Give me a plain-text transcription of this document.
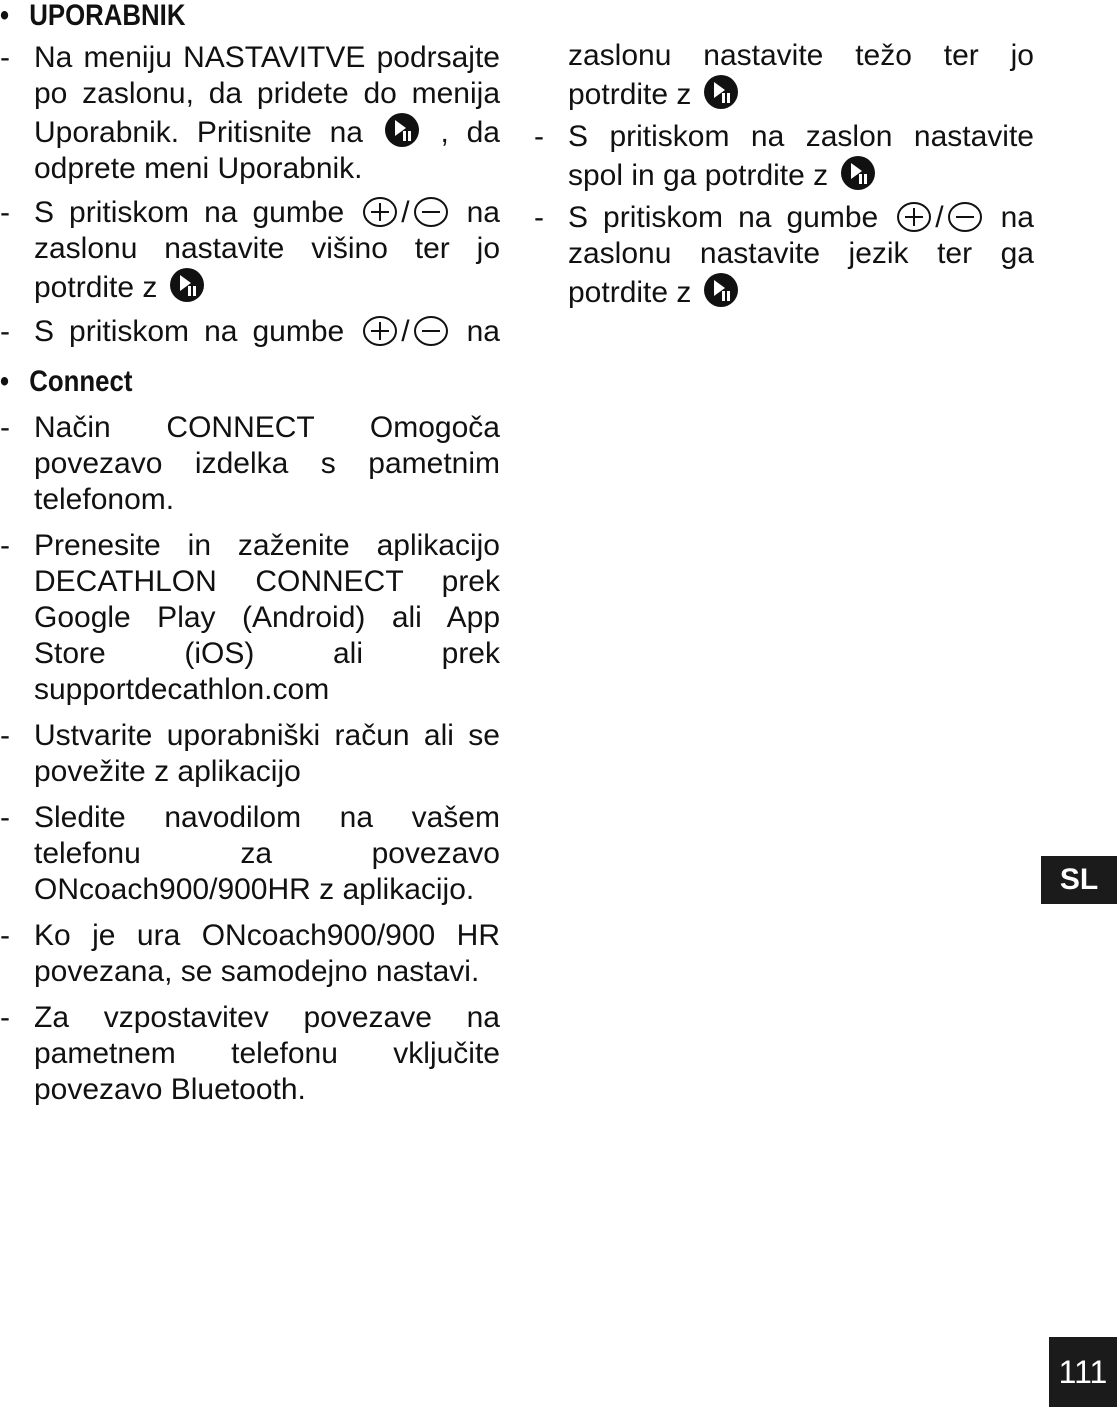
• UPORABNIK
- Na meniju NASTAVITVE podrsajte po zaslonu, da pridete do menija Uporabnik. Pritisnite na	, da odprete meni Uporabnik.
- S pritiskom na gumbe / na zaslonu nastavite višino ter jo potrdite z
- S pritiskom na gumbe / na
• Connect
- Način CONNECT Omogoča povezavo izdelka s pametnim telefonom.
- Prenesite in zaženite aplikacijo DECATHLON CONNECT prek Google Play (Android) ali App Store (iOS) ali prek supportdecathlon.com
- Ustvarite uporabniški račun ali se povežite z aplikacijo
- Sledite navodilom na vašem telefonu za povezavo ONcoach900/900HR z aplikacijo.
- Ko je ura ONcoach900/900 HR povezana, se samodejno nastavi.
- Za vzpostavitev povezave na pametnem telefonu vključite povezavo Bluetooth.
zaslonu nastavite težo ter jo potrdite z
- S pritiskom na zaslon nastavite spol in ga potrdite z
- S pritiskom na gumbe / na zaslonu nastavite jezik ter ga potrdite z
SL
111
